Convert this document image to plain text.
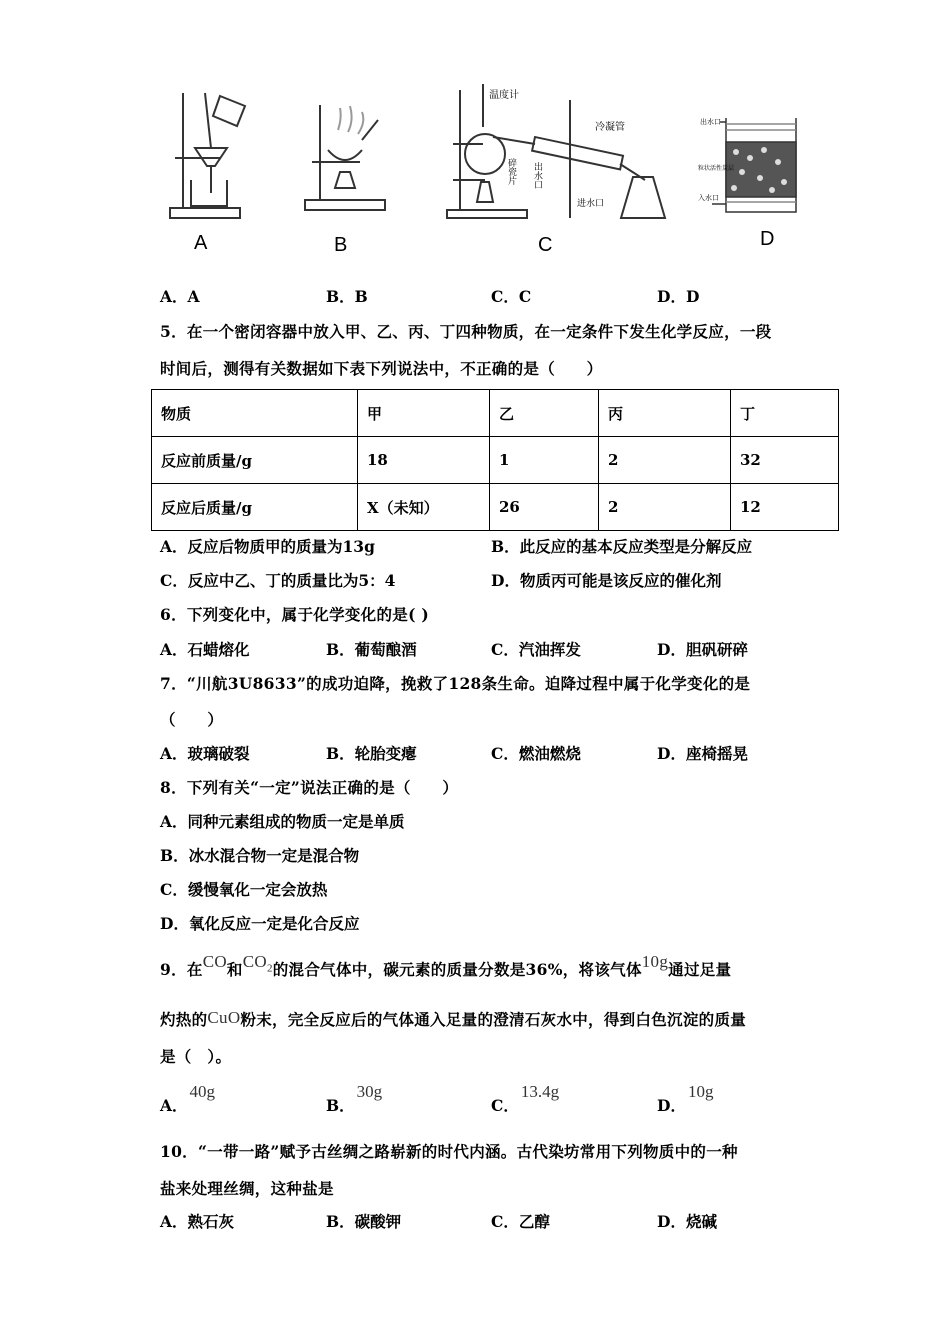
温度计
冷凝管
碎瓷片 出水口
进水口
出水口
粒状活性炭层
入水口
A	B	C	D
A．A	B．B	C．C	D．D
5．在一个密闭容器中放入甲、乙、丙、丁四种物质，在一定条件下发生化学反应，一段
时间后，测得有关数据如下表下列说法中，不正确的是（　　）
物质	甲	乙	丙	丁
反应前质量/g	18	1	2	32
反应后质量/g	X（未知）	26	2	12
A．反应后物质甲的质量为13g	B．此反应的基本反应类型是分解反应
C．反应中乙、丁的质量比为5：4	D．物质丙可能是该反应的催化剂
6．下列变化中，属于化学变化的是( )
A．石蜡熔化	B．葡萄酿酒	C．汽油挥发	D．胆矾研碎
7．“川航3U8633”的成功迫降，挽救了128条生命。迫降过程中属于化学变化的是
（　　）
A．玻璃破裂	B．轮胎变瘪	C．燃油燃烧	D．座椅摇晃
8．下列有关“一定”说法正确的是（　　）
A．同种元素组成的物质一定是单质
B．冰水混合物一定是混合物
C．缓慢氧化一定会放热
D．氧化反应一定是化合反应
9．在CO和$CO_2$的混合气体中，碳元素的质量分数是36%，将该气体10g通过足量
灼热的CuO粉末，完全反应后的气体通入足量的澄清石灰水中，得到白色沉淀的质量
是（　）。
A．40g
B．30g
C．13.4g
D．10g
10．“一带一路”赋予古丝绸之路崭新的时代内涵。古代染坊常用下列物质中的一种
盐来处理丝绸，这种盐是
A．熟石灰	B．碳酸钾	C．乙醇	D．烧碱
